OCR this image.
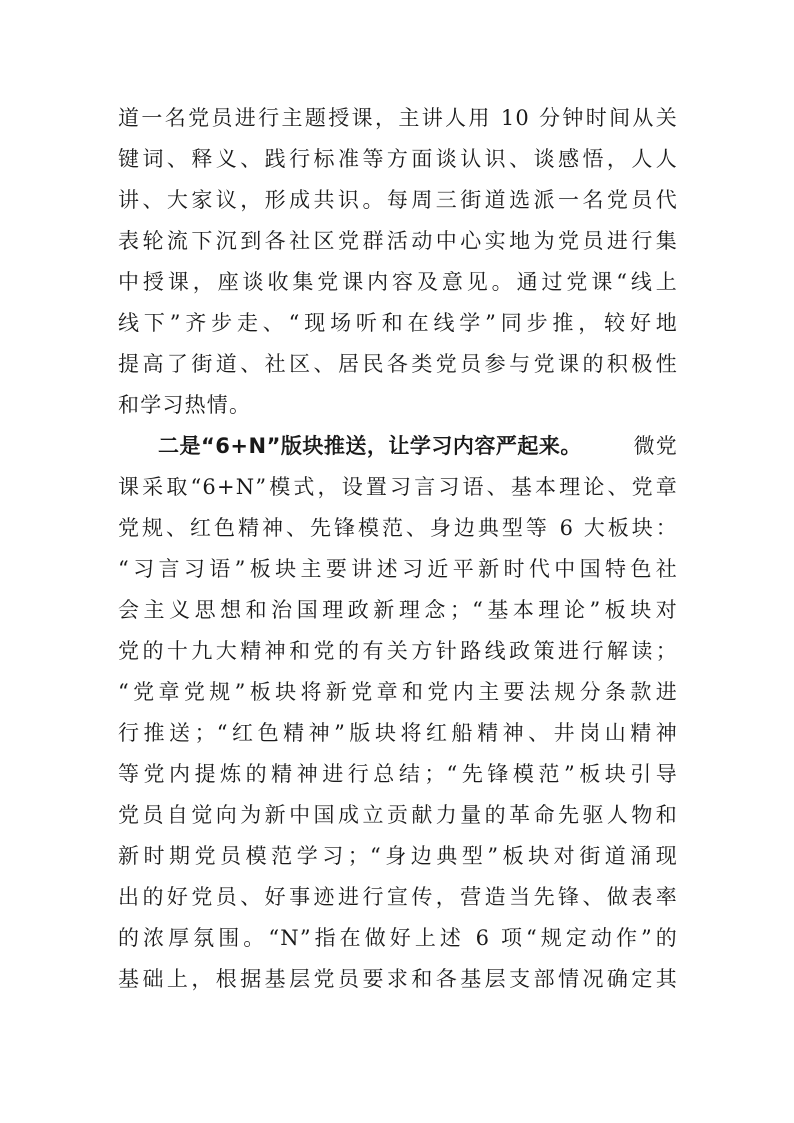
道一名党员进行主题授课，主讲人用 10 分钟时间从关
键词、释义、践行标准等方面谈认识、谈感悟，人人
讲、大家议，形成共识。每周三街道选派一名党员代
表轮流下沉到各社区党群活动中心实地为党员进行集
中授课，座谈收集党课内容及意见。通过党课“线上
线下”齐步走、“现场听和在线学”同步推，较好地
提高了街道、社区、居民各类党员参与党课的积极性
和学习热情。
二是“6+N”版块推送，让学习内容严起来。	微党
课采取“6+N”模式，设置习言习语、基本理论、党章
党规、红色精神、先锋模范、身边典型等 6 大板块：
“习言习语”板块主要讲述习近平新时代中国特色社
会主义思想和治国理政新理念；“基本理论”板块对
党的十九大精神和党的有关方针路线政策进行解读；
“党章党规”板块将新党章和党内主要法规分条款进
行推送；“红色精神”版块将红船精神、井岗山精神
等党内提炼的精神进行总结；“先锋模范”板块引导
党员自觉向为新中国成立贡献力量的革命先驱人物和
新时期党员模范学习；“身边典型”板块对街道涌现
出的好党员、好事迹进行宣传，营造当先锋、做表率
的浓厚氛围。“N”指在做好上述 6 项“规定动作”的
基础上，根据基层党员要求和各基层支部情况确定其
